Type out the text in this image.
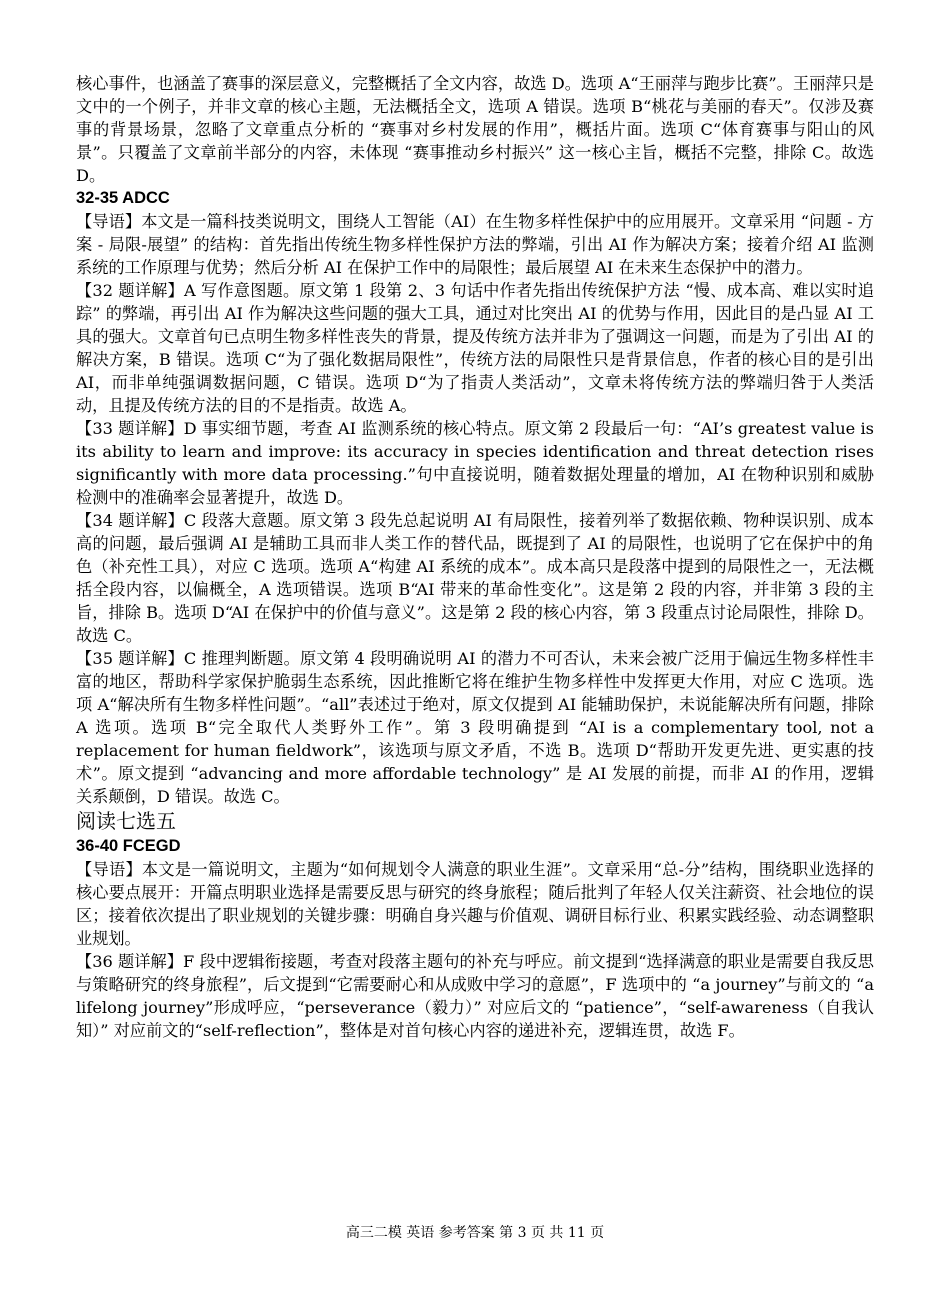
核心事件，也涵盖了赛事的深层意义，完整概括了全文内容，故选 D。选项 A“王丽萍与跑步比赛”。王丽萍只是文中的一个例子，并非文章的核心主题，无法概括全文，选项 A 错误。选项 B“桃花与美丽的春天”。仅涉及赛事的背景场景，忽略了文章重点分析的 “赛事对乡村发展的作用”，概括片面。选项 C“体育赛事与阳山的风景”。只覆盖了文章前半部分的内容，未体现 “赛事推动乡村振兴” 这一核心主旨，概括不完整，排除 C。故选 D。

32-35 ADCC

【导语】本文是一篇科技类说明文，围绕人工智能（AI）在生物多样性保护中的应用展开。文章采用 “问题 - 方案 - 局限-展望” 的结构：首先指出传统生物多样性保护方法的弊端，引出 AI 作为解决方案；接着介绍 AI 监测系统的工作原理与优势；然后分析 AI 在保护工作中的局限性；最后展望 AI 在未来生态保护中的潜力。

【32 题详解】A 写作意图题。原文第 1 段第 2、3 句话中作者先指出传统保护方法 “慢、成本高、难以实时追踪” 的弊端，再引出 AI 作为解决这些问题的强大工具，通过对比突出 AI 的优势与作用，因此目的是凸显 AI 工具的强大。文章首句已点明生物多样性丧失的背景，提及传统方法并非为了强调这一问题，而是为了引出 AI 的解决方案，B 错误。选项 C“为了强化数据局限性”，传统方法的局限性只是背景信息，作者的核心目的是引出 AI，而非单纯强调数据问题，C 错误。选项 D“为了指责人类活动”，文章未将传统方法的弊端归咎于人类活动，且提及传统方法的目的不是指责。故选 A。

【33 题详解】D 事实细节题，考查 AI 监测系统的核心特点。原文第 2 段最后一句：“AI’s greatest value is its ability to learn and improve: its accuracy in species identification and threat detection rises significantly with more data processing.”句中直接说明，随着数据处理量的增加，AI 在物种识别和威胁检测中的准确率会显著提升，故选 D。

【34 题详解】C 段落大意题。原文第 3 段先总起说明 AI 有局限性，接着列举了数据依赖、物种误识别、成本高的问题，最后强调 AI 是辅助工具而非人类工作的替代品，既提到了 AI 的局限性，也说明了它在保护中的角色（补充性工具），对应 C 选项。选项 A“构建 AI 系统的成本”。成本高只是段落中提到的局限性之一，无法概括全段内容，以偏概全，A 选项错误。选项 B“AI 带来的革命性变化”。这是第 2 段的内容，并非第 3 段的主旨，排除 B。选项 D“AI 在保护中的价值与意义”。这是第 2 段的核心内容，第 3 段重点讨论局限性，排除 D。故选 C。

【35 题详解】C 推理判断题。原文第 4 段明确说明 AI 的潜力不可否认，未来会被广泛用于偏远生物多样性丰富的地区，帮助科学家保护脆弱生态系统，因此推断它将在维护生物多样性中发挥更大作用，对应 C 选项。选项 A“解决所有生物多样性问题”。“all”表述过于绝对，原文仅提到 AI 能辅助保护，未说能解决所有问题，排除 A 选项。选项 B“完全取代人类野外工作”。第 3 段明确提到 “AI is a complementary tool, not a replacement for human fieldwork”，该选项与原文矛盾，不选 B。选项 D“帮助开发更先进、更实惠的技术”。原文提到 “advancing and more affordable technology” 是 AI 发展的前提，而非 AI 的作用，逻辑关系颠倒，D 错误。故选 C。

阅读七选五

36-40 FCEGD

【导语】本文是一篇说明文，主题为“如何规划令人满意的职业生涯”。文章采用“总-分”结构，围绕职业选择的核心要点展开：开篇点明职业选择是需要反思与研究的终身旅程；随后批判了年轻人仅关注薪资、社会地位的误区；接着依次提出了职业规划的关键步骤：明确自身兴趣与价值观、调研目标行业、积累实践经验、动态调整职业规划。

【36 题详解】F 段中逻辑衔接题，考查对段落主题句的补充与呼应。前文提到“选择满意的职业是需要自我反思与策略研究的终身旅程”，后文提到“它需要耐心和从成败中学习的意愿”，F 选项中的 “a journey”与前文的 “a lifelong journey”形成呼应，“perseverance（毅力）” 对应后文的 “patience”，“self-awareness（自我认知）” 对应前文的“self-reflection”，整体是对首句核心内容的递进补充，逻辑连贯，故选 F。

高三二模 英语 参考答案 第 3 页 共 11 页
